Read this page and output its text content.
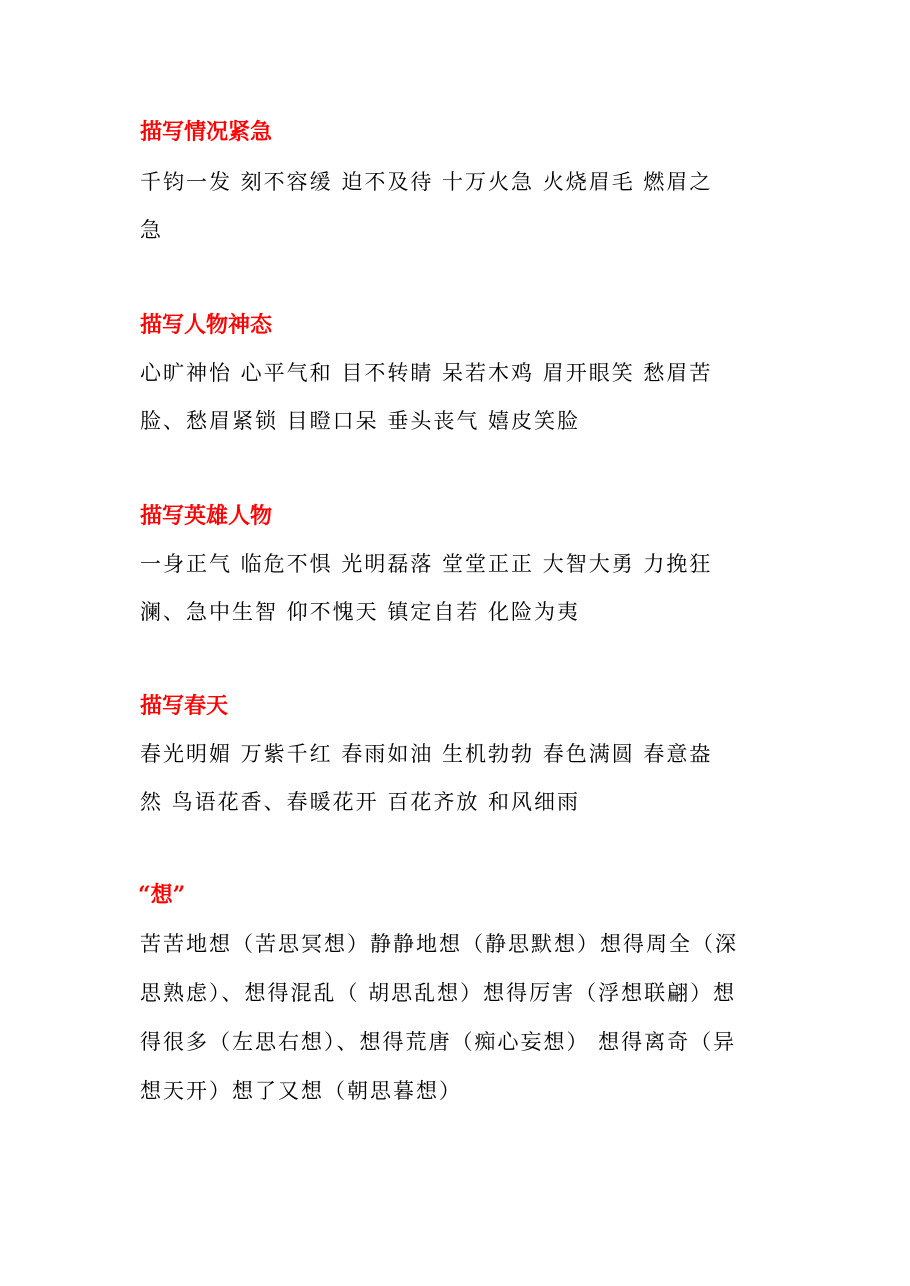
描写情况紧急

千钧一发 刻不容缓 迫不及待 十万火急 火烧眉毛 燃眉之
急

描写人物神态

心旷神怡 心平气和 目不转睛 呆若木鸡 眉开眼笑 愁眉苦
脸、愁眉紧锁 目瞪口呆 垂头丧气 嬉皮笑脸

描写英雄人物

一身正气 临危不惧 光明磊落 堂堂正正 大智大勇 力挽狂
澜、急中生智 仰不愧天 镇定自若 化险为夷

描写春天

春光明媚 万紫千红 春雨如油 生机勃勃 春色满圆 春意盎
然 鸟语花香、春暖花开 百花齐放 和风细雨

“想”

苦苦地想（苦思冥想）静静地想（静思默想）想得周全（深
思熟虑）、想得混乱（ 胡思乱想）想得厉害（浮想联翩）想
得很多（左思右想）、想得荒唐（痴心妄想） 想得离奇（异
想天开）想了又想（朝思暮想）
